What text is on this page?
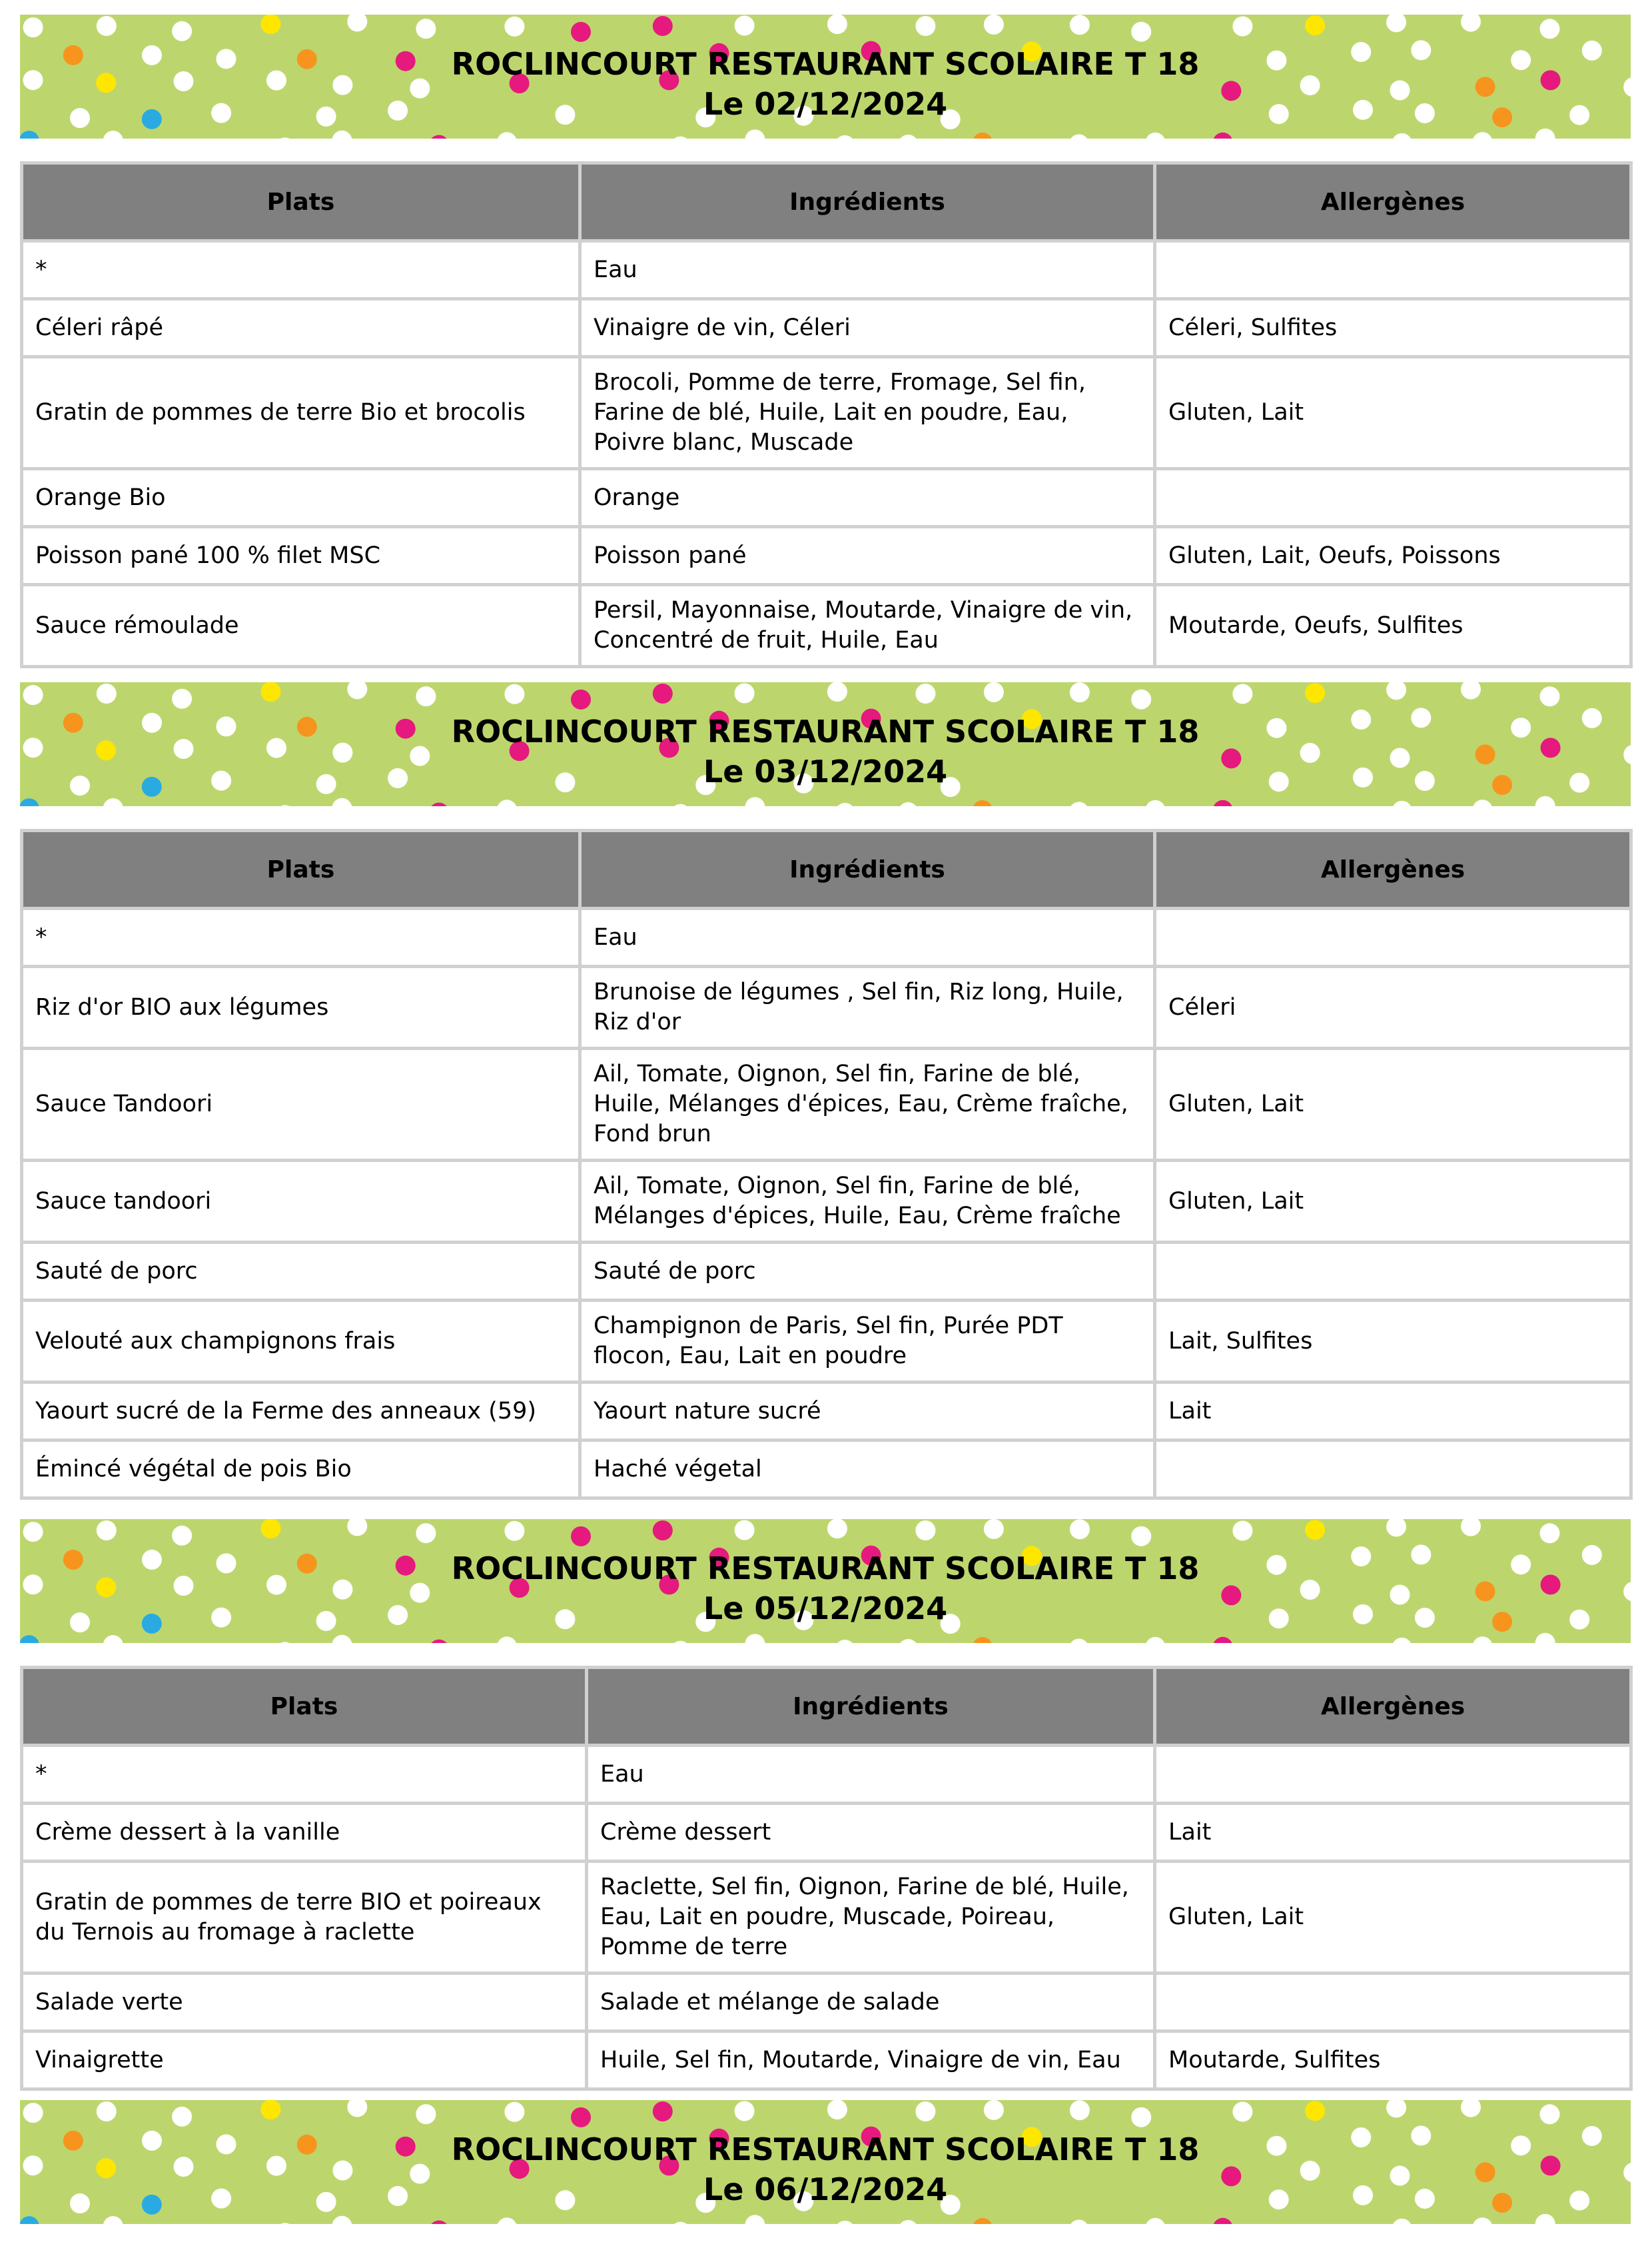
ROCLINCOURT RESTAURANT SCOLAIRE T 18
Le 02/12/2024
Plats	Ingrédients	Allergènes
*	Eau	
Céleri râpé	Vinaigre de vin, Céleri	Céleri, Sulfites
Gratin de pommes de terre Bio et brocolis	Brocoli, Pomme de terre, Fromage, Sel fin, Farine de blé, Huile, Lait en poudre, Eau, Poivre blanc, Muscade	Gluten, Lait
Orange Bio	Orange	
Poisson pané 100 % filet MSC	Poisson pané	Gluten, Lait, Oeufs, Poissons
Sauce rémoulade	Persil, Mayonnaise, Moutarde, Vinaigre de vin, Concentré de fruit, Huile, Eau	Moutarde, Oeufs, Sulfites
ROCLINCOURT RESTAURANT SCOLAIRE T 18
Le 03/12/2024
Plats	Ingrédients	Allergènes
*	Eau	
Riz d'or BIO aux légumes	Brunoise de légumes , Sel fin, Riz long, Huile, Riz d'or	Céleri
Sauce Tandoori	Ail, Tomate, Oignon, Sel fin, Farine de blé, Huile, Mélanges d'épices, Eau, Crème fraîche, Fond brun	Gluten, Lait
Sauce tandoori	Ail, Tomate, Oignon, Sel fin, Farine de blé, Mélanges d'épices, Huile, Eau, Crème fraîche	Gluten, Lait
Sauté de porc	Sauté de porc	
Velouté aux champignons frais	Champignon de Paris, Sel fin, Purée PDT flocon, Eau, Lait en poudre	Lait, Sulfites
Yaourt sucré de la Ferme des anneaux (59)	Yaourt nature sucré	Lait
Émincé végétal de pois Bio	Haché végetal	
ROCLINCOURT RESTAURANT SCOLAIRE T 18
Le 05/12/2024
Plats	Ingrédients	Allergènes
*	Eau	
Crème dessert à la vanille	Crème dessert	Lait
Gratin de pommes de terre BIO et poireaux du Ternois au fromage à raclette	Raclette, Sel fin, Oignon, Farine de blé, Huile, Eau, Lait en poudre, Muscade, Poireau, Pomme de terre	Gluten, Lait
Salade verte	Salade et mélange de salade	
Vinaigrette	Huile, Sel fin, Moutarde, Vinaigre de vin, Eau	Moutarde, Sulfites
ROCLINCOURT RESTAURANT SCOLAIRE T 18
Le 06/12/2024
